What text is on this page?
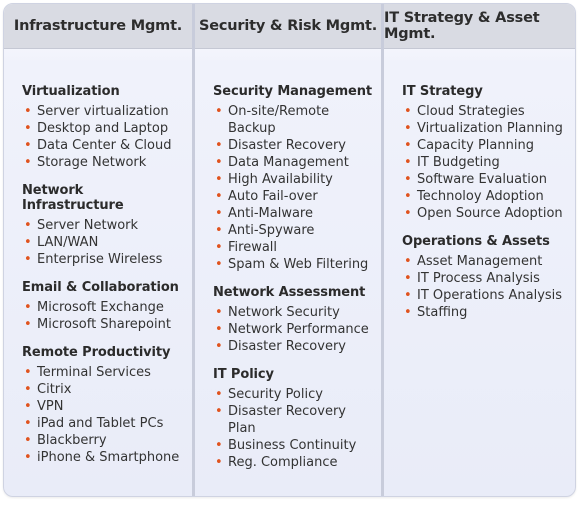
Infrastructure Mgmt.
Virtualization
• Server virtualization
• Desktop and Laptop
• Data Center & Cloud
• Storage Network
Network Infrastructure
• Server Network
• LAN/WAN
• Enterprise Wireless
Email & Collaboration
• Microsoft Exchange
• Microsoft Sharepoint
Remote Productivity
• Terminal Services
• Citrix
• VPN
• iPad and Tablet PCs
• Blackberry
• iPhone & Smartphone
Security & Risk Mgmt.
Security Management
• On-site/Remote Backup
• Disaster Recovery
• Data Management
• High Availability
• Auto Fail-over
• Anti-Malware
• Anti-Spyware
• Firewall
• Spam & Web Filtering
Network Assessment
• Network Security
• Network Performance
• Disaster Recovery
IT Policy
• Security Policy
• Disaster Recovery Plan
• Business Continuity
• Reg. Compliance
IT Strategy & Asset Mgmt.
IT Strategy
• Cloud Strategies
• Virtualization Planning
• Capacity Planning
• IT Budgeting
• Software Evaluation
• Technoloy Adoption
• Open Source Adoption
Operations & Assets
• Asset Management
• IT Process Analysis
• IT Operations Analysis
• Staffing
